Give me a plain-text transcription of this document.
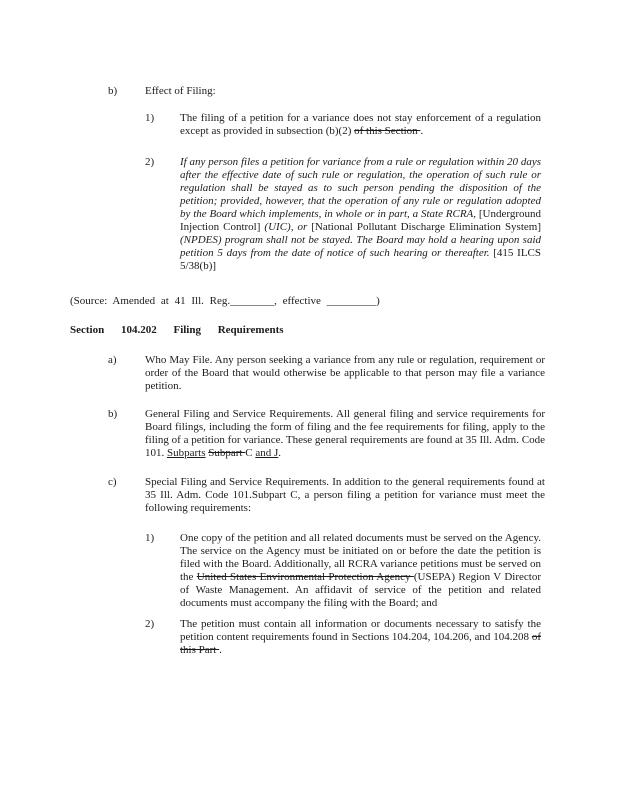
b)	Effect of Filing:
1)	The filing of a petition for a variance does not stay enforcement of a regulation except as provided in subsection (b)(2) of this Section .
2)	If any person files a petition for variance from a rule or regulation within 20 days after the effective date of such rule or regulation, the operation of such rule or regulation shall be stayed as to such person pending the disposition of the petition; provided, however, that the operation of any rule or regulation adopted by the Board which implements, in whole or in part, a State RCRA, [Underground Injection Control] (UIC), or [National Pollutant Discharge Elimination System] (NPDES) program shall not be stayed. The Board may hold a hearing upon said petition 5 days from the date of notice of such hearing or thereafter. [415 ILCS 5/38(b)]
(Source: Amended at 41 Ill. Reg.________, effective _________)
Section 104.202 Filing Requirements
a)	Who May File. Any person seeking a variance from any rule or regulation, requirement or order of the Board that would otherwise be applicable to that person may file a variance petition.
b)	General Filing and Service Requirements. All general filing and service requirements for Board filings, including the form of filing and the fee requirements for filing, apply to the filing of a petition for variance. These general requirements are found at 35 Ill. Adm. Code 101. Subparts Subpart C and J.
c)	Special Filing and Service Requirements. In addition to the general requirements found at 35 Ill. Adm. Code 101.Subpart C, a person filing a petition for variance must meet the following requirements:
1)	One copy of the petition and all related documents must be served on the Agency. The service on the Agency must be initiated on or before the date the petition is filed with the Board. Additionally, all RCRA variance petitions must be served on the United States Environmental Protection Agency (USEPA) Region V Director of Waste Management. An affidavit of service of the petition and related documents must accompany the filing with the Board; and
2)	The petition must contain all information or documents necessary to satisfy the petition content requirements found in Sections 104.204, 104.206, and 104.208 of this Part .
